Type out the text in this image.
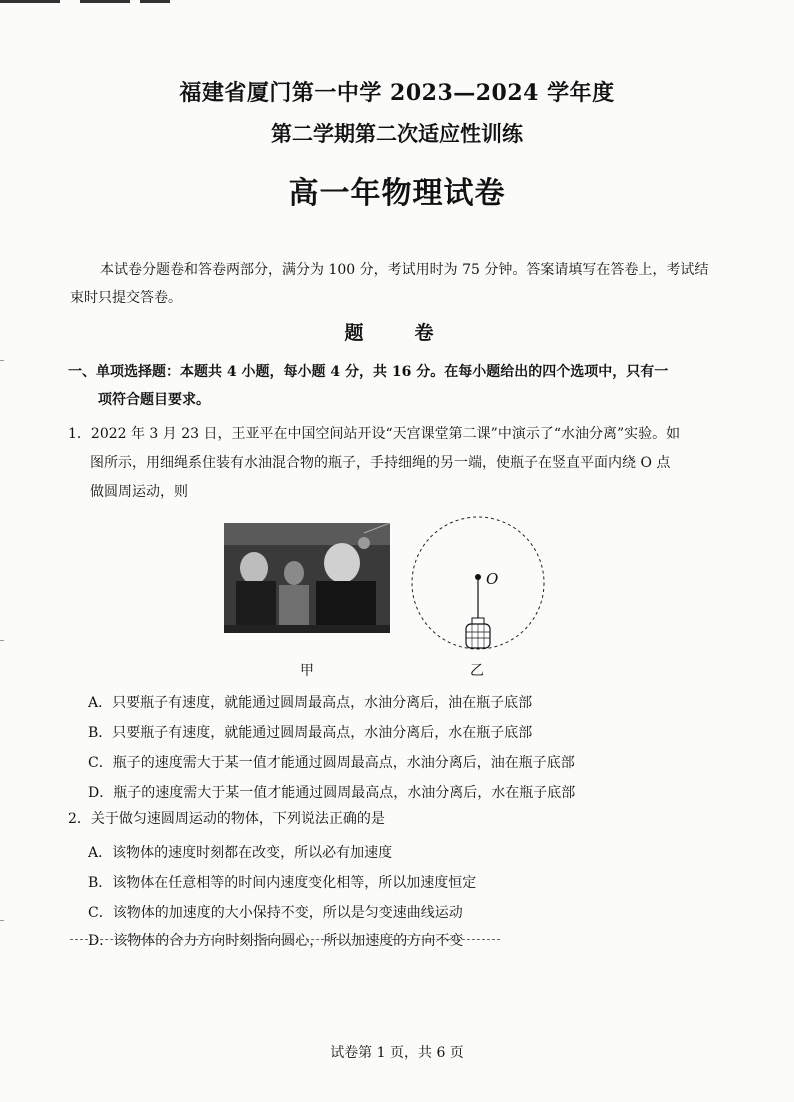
福建省厦门第一中学 2023—2024 学年度
第二学期第二次适应性训练
高一年物理试卷
本试卷分题卷和答卷两部分，满分为 100 分，考试用时为 75 分钟。答案请填写在答卷上，考试结束时只提交答卷。
题　卷
一、单项选择题：本题共 4 小题，每小题 4 分，共 16 分。在每小题给出的四个选项中，只有一
项符合题目要求。
1．2022 年 3 月 23 日，王亚平在中国空间站开设“天宫课堂第二课”中演示了“水油分离”实验。如
图所示，用细绳系住装有水油混合物的瓶子，手持细绳的另一端，使瓶子在竖直平面内绕 O 点
做圆周运动，则
甲
O
乙
A．只要瓶子有速度，就能通过圆周最高点，水油分离后，油在瓶子底部
B．只要瓶子有速度，就能通过圆周最高点，水油分离后，水在瓶子底部
C．瓶子的速度需大于某一值才能通过圆周最高点，水油分离后，油在瓶子底部
D．瓶子的速度需大于某一值才能通过圆周最高点，水油分离后，水在瓶子底部
2．关于做匀速圆周运动的物体，下列说法正确的是
A．该物体的速度时刻都在改变，所以必有加速度
B．该物体在任意相等的时间内速度变化相等，所以加速度恒定
C．该物体的加速度的大小保持不变，所以是匀变速曲线运动
D．该物体的合力方向时刻指向圆心，所以加速度的方向不变
试卷第 1 页，共 6 页
